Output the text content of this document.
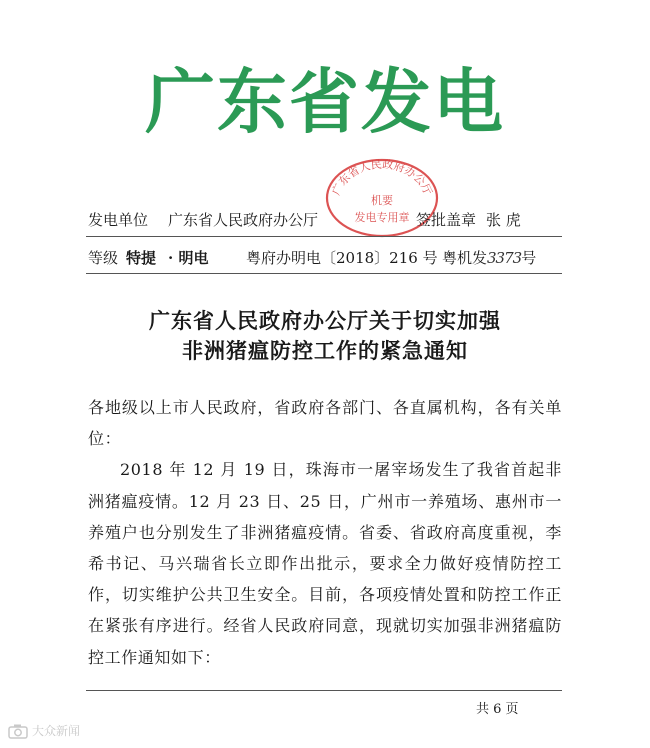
广东省发电
广东省人民政府办公厅
机要
发电专用章
发电单位 广东省人民政府办公厅	签批盖章 张 虎
等级 特提 · 明电	粤府办明电〔2018〕216 号 粤机发3373号
广东省人民政府办公厅关于切实加强
非洲猪瘟防控工作的紧急通知

各地级以上市人民政府，省政府各部门、各直属机构，各有关单位：

2018 年 12 月 19 日，珠海市一屠宰场发生了我省首起非洲猪瘟疫情。12 月 23 日、25 日，广州市一养殖场、惠州市一养殖户也分别发生了非洲猪瘟疫情。省委、省政府高度重视，李希书记、马兴瑞省长立即作出批示，要求全力做好疫情防控工作，切实维护公共卫生安全。目前，各项疫情处置和防控工作正在紧张有序进行。经省人民政府同意，现就切实加强非洲猪瘟防控工作通知如下：

共 6 页
大众新闻
